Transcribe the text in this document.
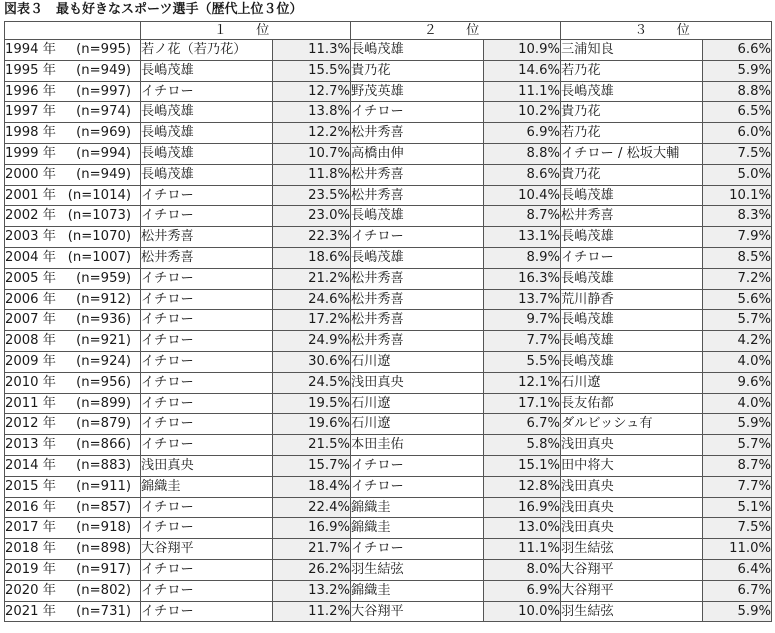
図表３　最も好きなスポーツ選手（歴代上位３位）
	１　位		２　位		３　位	
1994 年 (n=995)	若ノ花（若乃花）	11.3%	長嶋茂雄	10.9%	三浦知良	6.6%
1995 年 (n=949)	長嶋茂雄	15.5%	貴乃花	14.6%	若乃花	5.9%
1996 年 (n=997)	イチロー	12.7%	野茂英雄	11.1%	長嶋茂雄	8.8%
1997 年 (n=974)	長嶋茂雄	13.8%	イチロー	10.2%	貴乃花	6.5%
1998 年 (n=969)	長嶋茂雄	12.2%	松井秀喜	6.9%	若乃花	6.0%
1999 年 (n=994)	長嶋茂雄	10.7%	高橋由伸	8.8%	イチロー / 松坂大輔	7.5%
2000 年 (n=949)	長嶋茂雄	11.8%	松井秀喜	8.6%	貴乃花	5.0%
2001 年 (n=1014)	イチロー	23.5%	松井秀喜	10.4%	長嶋茂雄	10.1%
2002 年 (n=1073)	イチロー	23.0%	長嶋茂雄	8.7%	松井秀喜	8.3%
2003 年 (n=1070)	松井秀喜	22.3%	イチロー	13.1%	長嶋茂雄	7.9%
2004 年 (n=1007)	松井秀喜	18.6%	長嶋茂雄	8.9%	イチロー	8.5%
2005 年 (n=959)	イチロー	21.2%	松井秀喜	16.3%	長嶋茂雄	7.2%
2006 年 (n=912)	イチロー	24.6%	松井秀喜	13.7%	荒川静香	5.6%
2007 年 (n=936)	イチロー	17.2%	松井秀喜	9.7%	長嶋茂雄	5.7%
2008 年 (n=921)	イチロー	24.9%	松井秀喜	7.7%	長嶋茂雄	4.2%
2009 年 (n=924)	イチロー	30.6%	石川遼	5.5%	長嶋茂雄	4.0%
2010 年 (n=956)	イチロー	24.5%	浅田真央	12.1%	石川遼	9.6%
2011 年 (n=899)	イチロー	19.5%	石川遼	17.1%	長友佑都	4.0%
2012 年 (n=879)	イチロー	19.6%	石川遼	6.7%	ダルビッシュ有	5.9%
2013 年 (n=866)	イチロー	21.5%	本田圭佑	5.8%	浅田真央	5.7%
2014 年 (n=883)	浅田真央	15.7%	イチロー	15.1%	田中将大	8.7%
2015 年 (n=911)	錦織圭	18.4%	イチロー	12.8%	浅田真央	7.7%
2016 年 (n=857)	イチロー	22.4%	錦織圭	16.9%	浅田真央	5.1%
2017 年 (n=918)	イチロー	16.9%	錦織圭	13.0%	浅田真央	7.5%
2018 年 (n=898)	大谷翔平	21.7%	イチロー	11.1%	羽生結弦	11.0%
2019 年 (n=917)	イチロー	26.2%	羽生結弦	8.0%	大谷翔平	6.4%
2020 年 (n=802)	イチロー	13.2%	錦織圭	6.9%	大谷翔平	6.7%
2021 年 (n=731)	イチロー	11.2%	大谷翔平	10.0%	羽生結弦	5.9%
